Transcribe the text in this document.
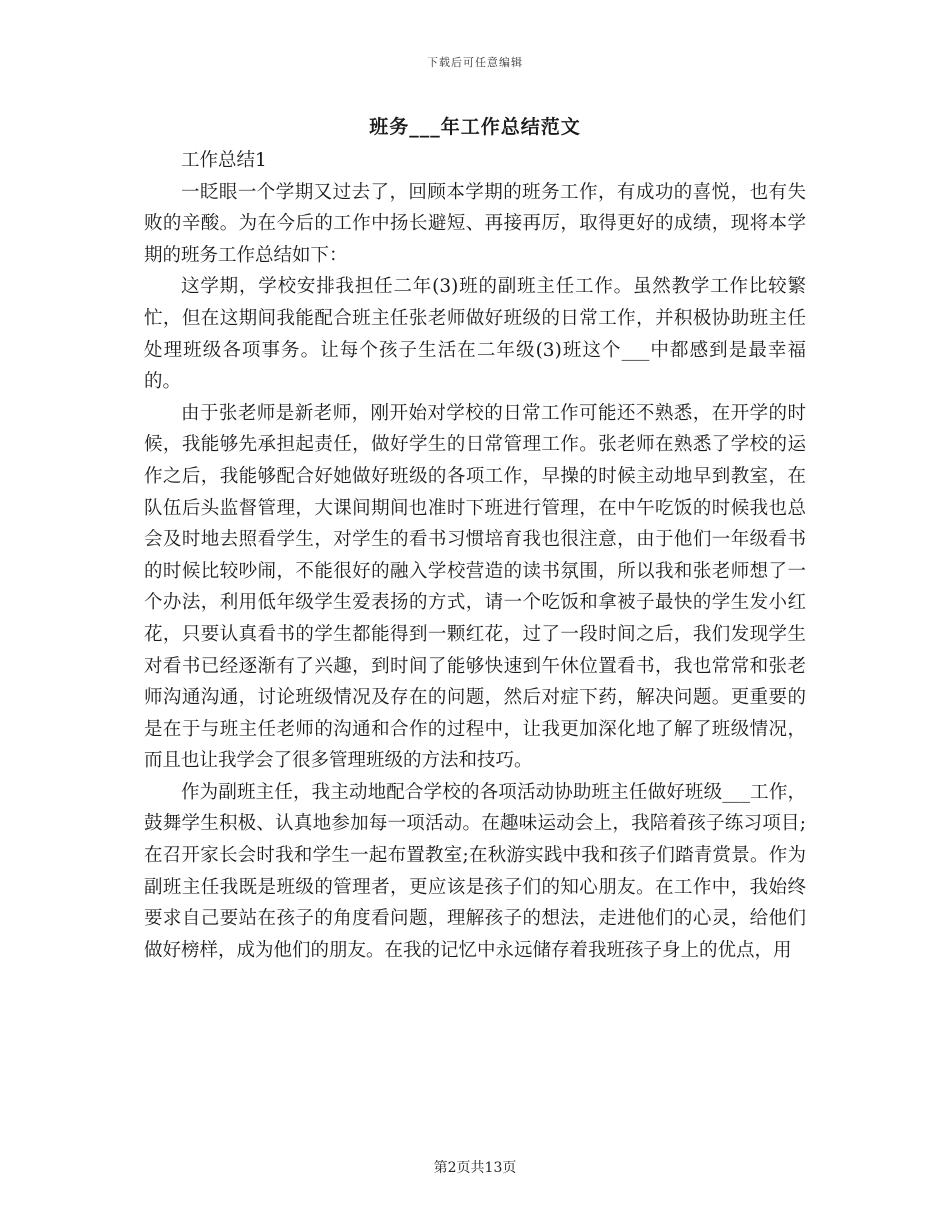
下载后可任意编辑
班务___年工作总结范文

工作总结1

一眨眼一个学期又过去了，回顾本学期的班务工作，有成功的喜悦，也有失败的辛酸。为在今后的工作中扬长避短、再接再厉，取得更好的成绩，现将本学期的班务工作总结如下：

这学期，学校安排我担任二年(3)班的副班主任工作。虽然教学工作比较繁忙，但在这期间我能配合班主任张老师做好班级的日常工作，并积极协助班主任处理班级各项事务。让每个孩子生活在二年级(3)班这个___中都感到是最幸福的。

由于张老师是新老师，刚开始对学校的日常工作可能还不熟悉，在开学的时候，我能够先承担起责任，做好学生的日常管理工作。张老师在熟悉了学校的运作之后，我能够配合好她做好班级的各项工作，早操的时候主动地早到教室，在队伍后头监督管理，大课间期间也准时下班进行管理，在中午吃饭的时候我也总会及时地去照看学生，对学生的看书习惯培育我也很注意，由于他们一年级看书的时候比较吵闹，不能很好的融入学校营造的读书氛围，所以我和张老师想了一个办法，利用低年级学生爱表扬的方式，请一个吃饭和拿被子最快的学生发小红花，只要认真看书的学生都能得到一颗红花，过了一段时间之后，我们发现学生对看书已经逐渐有了兴趣，到时间了能够快速到午休位置看书，我也常常和张老师沟通沟通，讨论班级情况及存在的问题，然后对症下药，解决问题。更重要的是在于与班主任老师的沟通和合作的过程中，让我更加深化地了解了班级情况，而且也让我学会了很多管理班级的方法和技巧。

作为副班主任，我主动地配合学校的各项活动协助班主任做好班级___工作，鼓舞学生积极、认真地参加每一项活动。在趣味运动会上，我陪着孩子练习项目;在召开家长会时我和学生一起布置教室;在秋游实践中我和孩子们踏青赏景。作为副班主任我既是班级的管理者，更应该是孩子们的知心朋友。在工作中，我始终要求自己要站在孩子的角度看问题，理解孩子的想法，走进他们的心灵，给他们做好榜样，成为他们的朋友。在我的记忆中永远储存着我班孩子身上的优点，用

第2页共13页
